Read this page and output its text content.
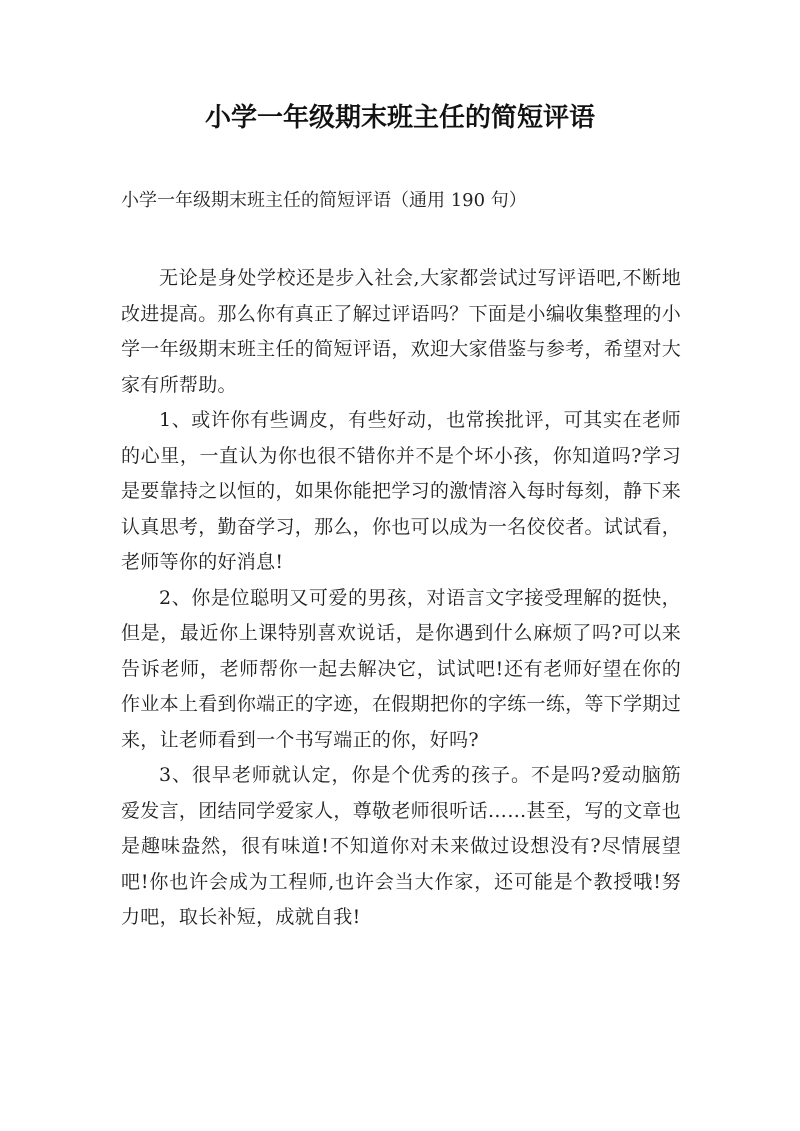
小学一年级期末班主任的简短评语

小学一年级期末班主任的简短评语（通用 190 句）

无论是身处学校还是步入社会,大家都尝试过写评语吧,不断地改进提高。那么你有真正了解过评语吗？下面是小编收集整理的小学一年级期末班主任的简短评语，欢迎大家借鉴与参考，希望对大家有所帮助。

1、或许你有些调皮，有些好动，也常挨批评，可其实在老师的心里，一直认为你也很不错你并不是个坏小孩，你知道吗?学习是要靠持之以恒的，如果你能把学习的激情溶入每时每刻，静下来认真思考，勤奋学习，那么，你也可以成为一名佼佼者。试试看，老师等你的好消息!

2、你是位聪明又可爱的男孩，对语言文字接受理解的挺快，但是，最近你上课特别喜欢说话，是你遇到什么麻烦了吗?可以来告诉老师，老师帮你一起去解决它，试试吧!还有老师好望在你的作业本上看到你端正的字迹，在假期把你的字练一练，等下学期过来，让老师看到一个书写端正的你，好吗?

3、很早老师就认定，你是个优秀的孩子。不是吗?爱动脑筋爱发言，团结同学爱家人，尊敬老师很听话……甚至，写的文章也是趣味盎然，很有味道!不知道你对未来做过设想没有?尽情展望吧!你也许会成为工程师,也许会当大作家，还可能是个教授哦!努力吧，取长补短，成就自我!
